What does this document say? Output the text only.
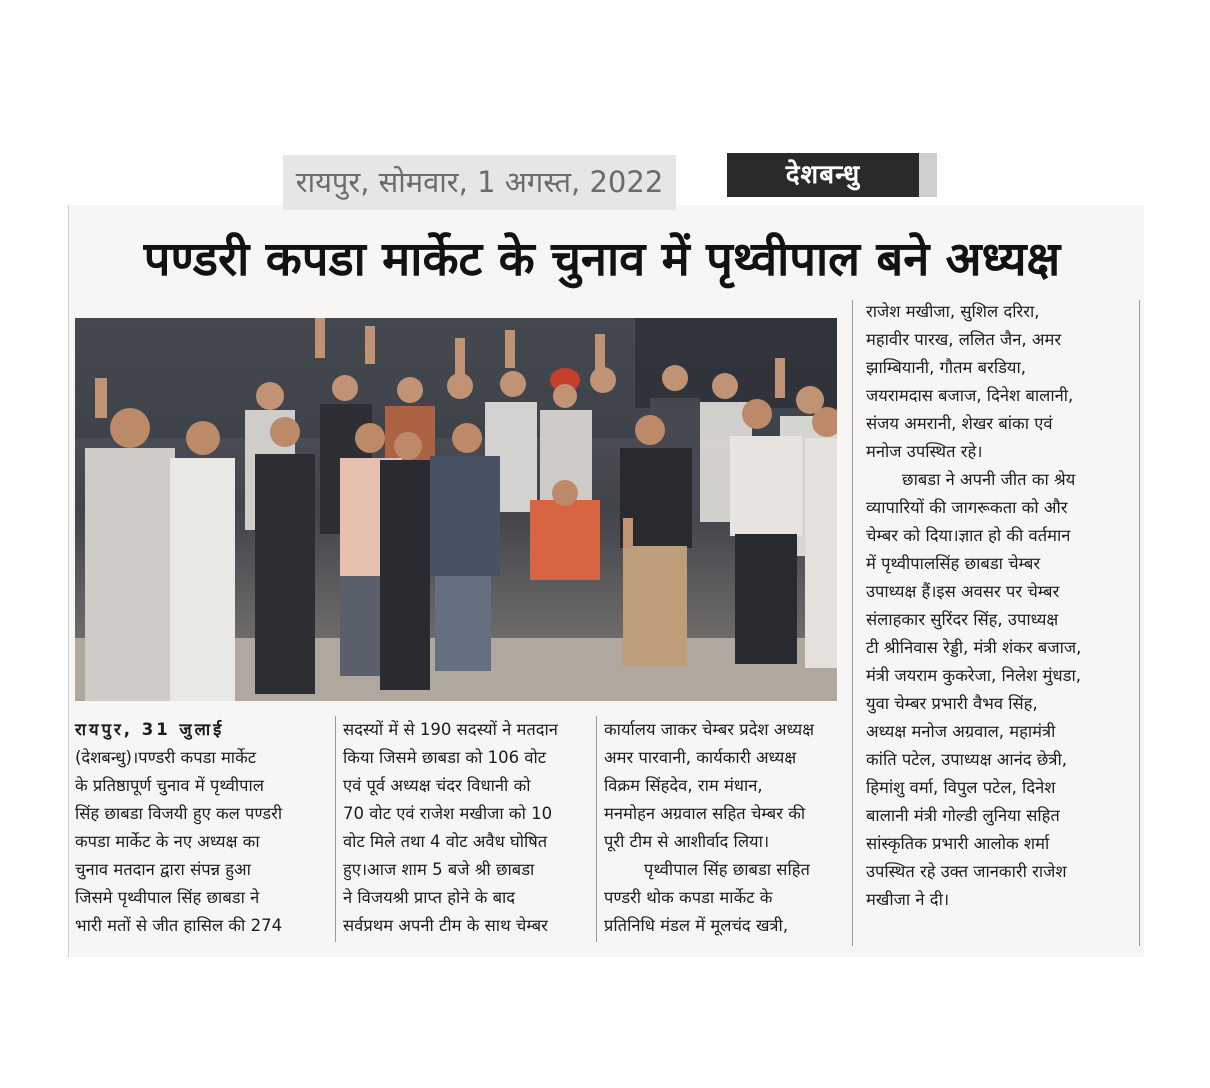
रायपुर, सोमवार, 1 अगस्त, 2022	देशबन्धु
पण्डरी कपडा मार्केट के चुनाव में पृथ्वीपाल बने अध्यक्ष
रायपुर, 31 जुलाई
(देशबन्धु)।पण्डरी कपडा मार्केट
के प्रतिष्ठापूर्ण चुनाव में पृथ्वीपाल
सिंह छाबडा विजयी हुए कल पण्डरी
कपडा मार्केट के नए अध्यक्ष का
चुनाव मतदान द्वारा संपन्न हुआ
जिसमे पृथ्वीपाल सिंह छाबडा ने
भारी मतों से जीत हासिल की 274
सदस्यों में से 190 सदस्यों ने मतदान
किया जिसमे छाबडा को 106 वोट
एवं पूर्व अध्यक्ष चंदर विधानी को
70 वोट एवं राजेश मखीजा को 10
वोट मिले तथा 4 वोट अवैध घोषित
हुए।आज शाम 5 बजे श्री छाबडा
ने विजयश्री प्राप्त होने के बाद
सर्वप्रथम अपनी टीम के साथ चेम्बर
कार्यालय जाकर चेम्बर प्रदेश अध्यक्ष
अमर पारवानी, कार्यकारी अध्यक्ष
विक्रम सिंहदेव, राम मंधान,
मनमोहन अग्रवाल सहित चेम्बर की
पूरी टीम से आशीर्वाद लिया।
पृथ्वीपाल सिंह छाबडा सहित
पण्डरी थोक कपडा मार्केट के
प्रतिनिधि मंडल में मूलचंद खत्री,
राजेश मखीजा, सुशिल दरिरा,
महावीर पारख, ललित जैन, अमर
झाम्बियानी, गौतम बरडिया,
जयरामदास बजाज, दिनेश बालानी,
संजय अमरानी, शेखर बांका एवं
मनोज उपस्थित रहे।
छाबडा ने अपनी जीत का श्रेय
व्यापारियों की जागरूकता को और
चेम्बर को दिया।ज्ञात हो की वर्तमान
में पृथ्वीपालसिंह छाबडा चेम्बर
उपाध्यक्ष हैं।इस अवसर पर चेम्बर
संलाहकार सुरिंदर सिंह, उपाध्यक्ष
टी श्रीनिवास रेड्डी, मंत्री शंकर बजाज,
मंत्री जयराम कुकरेजा, निलेश मुंधडा,
युवा चेम्बर प्रभारी वैभव सिंह,
अध्यक्ष मनोज अग्रवाल, महामंत्री
कांति पटेल, उपाध्यक्ष आनंद छेत्री,
हिमांशु वर्मा, विपुल पटेल, दिनेश
बालानी मंत्री गोल्डी लुनिया सहित
सांस्कृतिक प्रभारी आलोक शर्मा
उपस्थित रहे उक्त जानकारी राजेश
मखीजा ने दी।
